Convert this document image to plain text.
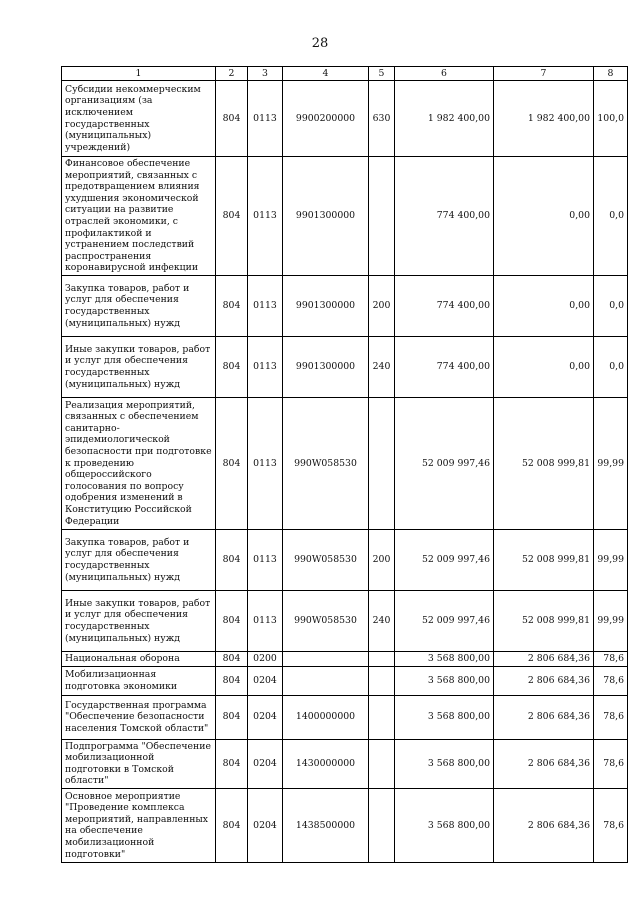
28
1	2	3	4	5	6	7	8
Субсидии некоммерческим организациям (за исключением государственных (муниципальных) учреждений)	804	0113	9900200000	630	1 982 400,00	1 982 400,00	100,0
Финансовое обеспечение мероприятий, связанных с предотвращением влияния ухудшения экономической ситуации на развитие отраслей экономики, с профилактикой и устранением последствий распространения коронавирусной инфекции	804	0113	9901300000		774 400,00	0,00	0,0
Закупка товаров, работ и услуг для обеспечения государственных (муниципальных) нужд	804	0113	9901300000	200	774 400,00	0,00	0,0
Иные закупки товаров, работ и услуг для обеспечения государственных (муниципальных) нужд	804	0113	9901300000	240	774 400,00	0,00	0,0
Реализация мероприятий, связанных с обеспечением санитарно-эпидемиологической безопасности при подготовке к проведению общероссийского голосования по вопросу одобрения изменений в Конституцию Российской Федерации	804	0113	990W058530		52 009 997,46	52 008 999,81	99,99
Закупка товаров, работ и услуг для обеспечения государственных (муниципальных) нужд	804	0113	990W058530	200	52 009 997,46	52 008 999,81	99,99
Иные закупки товаров, работ и услуг для обеспечения государственных (муниципальных) нужд	804	0113	990W058530	240	52 009 997,46	52 008 999,81	99,99
Национальная оборона	804	0200			3 568 800,00	2 806 684,36	78,6
Мобилизационная подготовка экономики	804	0204			3 568 800,00	2 806 684,36	78,6
Государственная программа "Обеспечение безопасности населения Томской области"	804	0204	1400000000		3 568 800,00	2 806 684,36	78,6
Подпрограмма "Обеспечение мобилизационной подготовки в Томской области"	804	0204	1430000000		3 568 800,00	2 806 684,36	78,6
Основное мероприятие "Проведение комплекса мероприятий, направленных на обеспечение мобилизационной подготовки"	804	0204	1438500000		3 568 800,00	2 806 684,36	78,6
